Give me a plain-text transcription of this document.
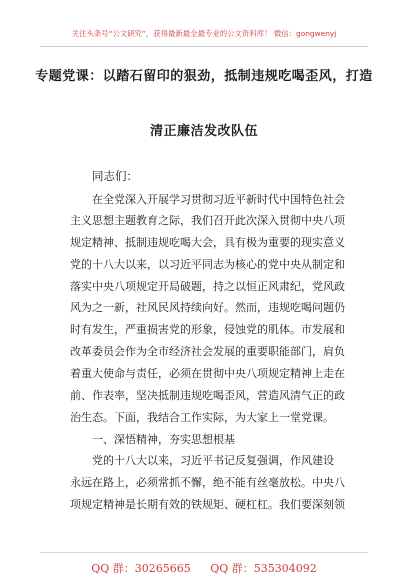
关注头条号“公文研究”，获得最新最全最专业的公文资料库！ 微信：gongwenyj
专题党课：以踏石留印的狠劲，抵制违规吃喝歪风，打造
清正廉洁发改队伍
同志们：
在全党深入开展学习贯彻习近平新时代中国特色社会
主义思想主题教育之际，我们召开此次深入贯彻中央八项
规定精神、抵制违规吃喝大会，具有极为重要的现实意义
党的十八大以来，以习近平同志为核心的党中央从制定和
落实中央八项规定开局破题，持之以恒正风肃纪，党风政
风为之一新，社风民风持续向好。然而，违规吃喝问题仍
时有发生，严重损害党的形象，侵蚀党的肌体。市发展和
改革委员会作为全市经济社会发展的重要职能部门，肩负
着重大使命与责任，必须在贯彻中央八项规定精神上走在
前、作表率，坚决抵制违规吃喝歪风，营造风清气正的政
治生态。下面，我结合工作实际，为大家上一堂党课。
一、深悟精神，夯实思想根基
党的十八大以来，习近平书记反复强调，作风建设
永远在路上，必须常抓不懈，绝不能有丝毫放松。中央八
项规定精神是长期有效的铁规矩、硬杠杠。我们要深刻领
QQ 群：30265665 QQ 群：535304092
